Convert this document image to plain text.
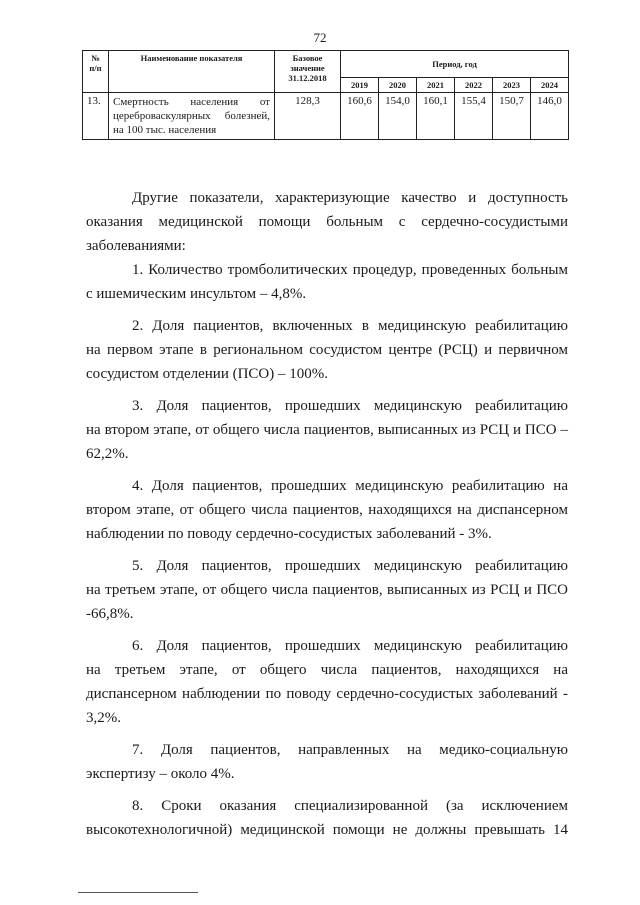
72
№ п/п	Наименование показателя	Базовое значение 31.12.2018	Период, год					
			2019	2020	2021	2022	2023	2024
13.	Смертность населения от цереброваскулярных болезней, на 100 тыс. населения	128,3	160,6	154,0	160,1	155,4	150,7	146,0

Другие показатели, характеризующие качество и доступность
оказания медицинской помощи больным с сердечно-сосудистыми заболеваниями:

1. Количество тромболитических процедур, проведенных больным
с ишемическим инсультом – 4,8%.

2. Доля пациентов, включенных в медицинскую реабилитацию
на первом этапе в региональном сосудистом центре (РСЦ) и первичном сосудистом отделении (ПСО) – 100%.

3. Доля пациентов, прошедших медицинскую реабилитацию
на втором этапе, от общего числа пациентов, выписанных из РСЦ и ПСО – 62,2%.

4. Доля пациентов, прошедших медицинскую реабилитацию на
втором этапе, от общего числа пациентов, находящихся на диспансерном наблюдении по поводу сердечно-сосудистых заболеваний - 3%.

5. Доля пациентов, прошедших медицинскую реабилитацию
на третьем этапе, от общего числа пациентов, выписанных из РСЦ и ПСО -66,8%.

6. Доля пациентов, прошедших медицинскую реабилитацию
на третьем этапе, от общего числа пациентов, находящихся на диспансерном наблюдении по поводу сердечно-сосудистых заболеваний - 3,2%.

7. Доля пациентов, направленных на медико-социальную
экспертизу – около 4%.

8. Сроки оказания специализированной (за исключением
высокотехнологичной) медицинской помощи не должны превышать 14
